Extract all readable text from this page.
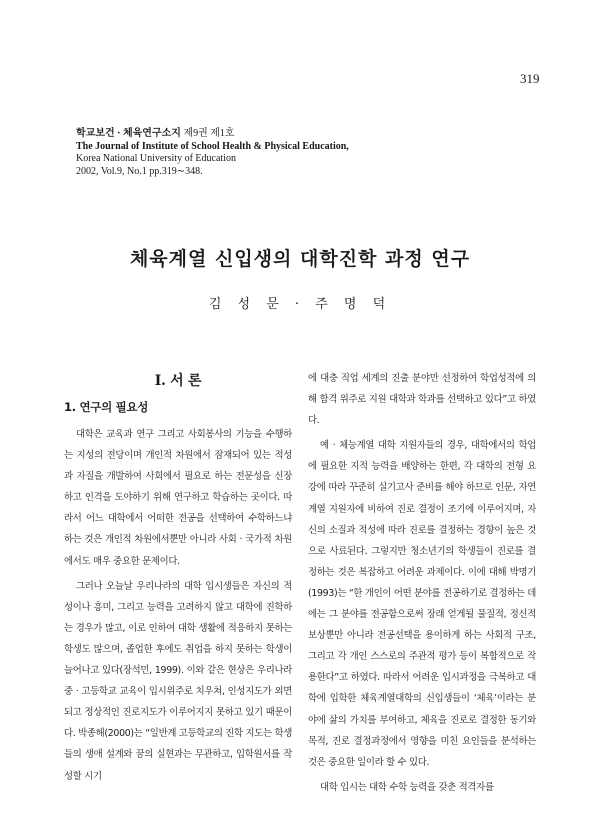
319
학교보건 · 체육연구소지 제9권 제1호
The Journal of Institute of School Health & Physical Education,
Korea National University of Education
2002, Vol.9, No.1 pp.319∼348.
체육계열 신입생의 대학진학 과정 연구
김 성 문 · 주 명 덕
Ⅰ. 서 론
1. 연구의 필요성

대학은 교육과 연구 그리고 사회봉사의 기능을 수행하는 지성의 전당이며 개인적 차원에서 잠재되어 있는 적성과 자질을 개발하여 사회에서 필요로 하는 전문성을 신장하고 인격을 도야하기 위해 연구하고 학습하는 곳이다. 따라서 어느 대학에서 어떠한 전공을 선택하여 수학하느냐 하는 것은 개인적 차원에서뿐만 아니라 사회 · 국가적 차원에서도 매우 중요한 문제이다.

그러나 오늘날 우리나라의 대학 입시생들은 자신의 적성이나 흥미, 그리고 능력을 고려하지 않고 대학에 진학하는 경우가 많고, 이로 인하여 대학 생활에 적응하지 못하는 학생도 많으며, 졸업한 후에도 취업을 하지 못하는 학생이 늘어나고 있다(장석민, 1999). 이와 같은 현상은 우리나라 중 · 고등학교 교육이 입시위주로 치우쳐, 인성지도가 외면되고 정상적인 진로지도가 이루어지지 못하고 있기 때문이다. 박종해(2000)는 “일반계 고등학교의 진학 지도는 학생들의 생애 설계와 꿈의 실현과는 무관하고, 입학원서를 작성할 시기

에 대충 직업 세계의 진출 분야만 선정하여 학업성적에 의해 합격 위주로 지원 대학과 학과를 선택하고 있다”고 하였다.

예 · 체능계열 대학 지원자들의 경우, 대학에서의 학업에 필요한 지적 능력을 배양하는 한편, 각 대학의 전형 요강에 따라 꾸준히 실기고사 준비를 해야 하므로 인문, 자연 계열 지원자에 비하여 진로 결정이 조기에 이루어지며, 자신의 소질과 적성에 따라 진로를 결정하는 경향이 높은 것으로 사료된다. 그렇지만 청소년기의 학생들이 진로를 결정하는 것은 복잡하고 어려운 과제이다. 이에 대해 박명기(1993)는 “한 개인이 어떤 분야를 전공하기로 결정하는 데에는 그 분야를 전공함으로써 장래 얻게될 물질적, 정신적 보상뿐만 아니라 전공선택을 용이하게 하는 사회적 구조, 그리고 각 개인 스스로의 주관적 평가 등이 복합적으로 작용한다”고 하였다. 따라서 어려운 입시과정을 극복하고 대학에 입학한 체육계열대학의 신입생들이 ‘체육’이라는 분야에 삶의 가치를 부여하고, 체육을 진로로 결정한 동기와 목적, 진로 결정과정에서 영향을 미친 요인들을 분석하는 것은 중요한 일이라 할 수 있다.

대학 입시는 대학 수학 능력을 갖춘 적격자를
